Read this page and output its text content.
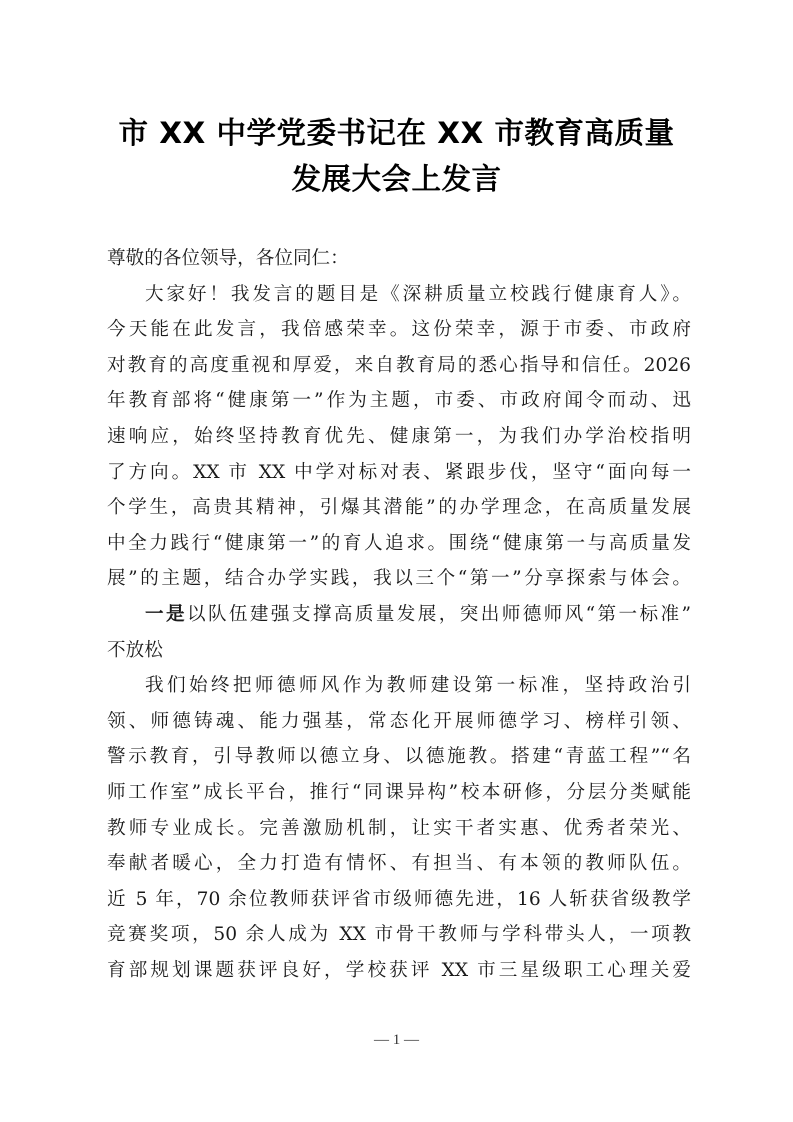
市 XX 中学党委书记在 XX 市教育高质量
发展大会上发言
尊敬的各位领导，各位同仁：
大家好！我发言的题目是《深耕质量立校践行健康育人》。
今天能在此发言，我倍感荣幸。这份荣幸，源于市委、市政府
对教育的高度重视和厚爱，来自教育局的悉心指导和信任。2026
年教育部将“健康第一”作为主题，市委、市政府闻令而动、迅
速响应，始终坚持教育优先、健康第一，为我们办学治校指明
了方向。XX 市 XX 中学对标对表、紧跟步伐，坚守“面向每一
个学生，高贵其精神，引爆其潜能”的办学理念，在高质量发展
中全力践行“健康第一”的育人追求。围绕“健康第一与高质量发
展”的主题，结合办学实践，我以三个“第一”分享探索与体会。
一是以队伍建强支撑高质量发展，突出师德师风“第一标准”
不放松
我们始终把师德师风作为教师建设第一标准，坚持政治引
领、师德铸魂、能力强基，常态化开展师德学习、榜样引领、
警示教育，引导教师以德立身、以德施教。搭建“青蓝工程”“名
师工作室”成长平台，推行“同课异构”校本研修，分层分类赋能
教师专业成长。完善激励机制，让实干者实惠、优秀者荣光、
奉献者暖心，全力打造有情怀、有担当、有本领的教师队伍。
近 5 年，70 余位教师获评省市级师德先进，16 人斩获省级教学
竞赛奖项，50 余人成为 XX 市骨干教师与学科带头人，一项教
育部规划课题获评良好，学校获评 XX 市三星级职工心理关爱
— 1 —
